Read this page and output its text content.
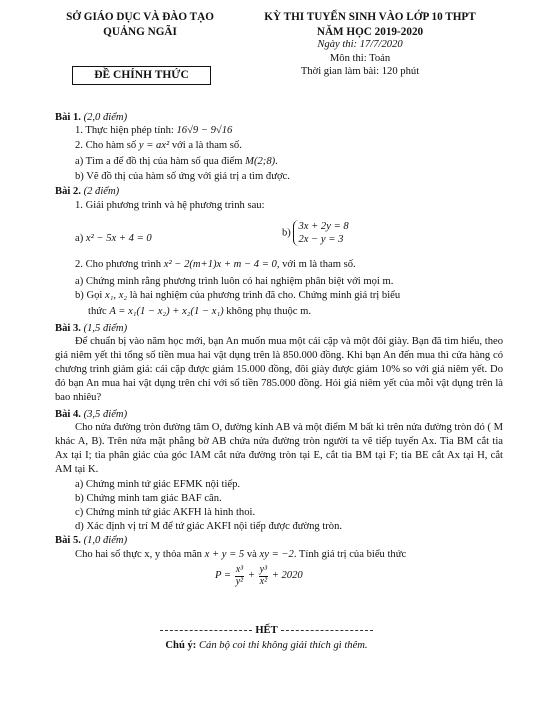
SỞ GIÁO DỤC VÀ ĐÀO TẠO
QUẢNG NGÃI
KỲ THI TUYỂN SINH VÀO LỚP 10 THPT
NĂM HỌC 2019-2020
Ngày thi: 17/7/2020
Môn thi: Toán
Thời gian làm bài: 120 phút
ĐỀ CHÍNH THỨC
Bài 1. (2,0 điểm)
1. Thực hiện phép tính: 16√9 − 9√16
2. Cho hàm số y = ax² với a là tham số.
a) Tìm a để đồ thị của hàm số qua điểm M(2;8).
b) Vẽ đồ thị của hàm số ứng với giá trị a tìm được.
Bài 2. (2 điểm)
1. Giải phương trình và hệ phương trình sau:
a) x² − 5x + 4 = 0
b)
3x + 2y = 8
2x − y = 3
2. Cho phương trình x² − 2(m+1)x + m − 4 = 0, với m là tham số.
a) Chứng minh rằng phương trình luôn có hai nghiệm phân biệt với mọi m.
b) Gọi x₁, x₂ là hai nghiệm của phương trình đã cho. Chứng minh giá trị biểu
thức A = x₁(1 − x₂) + x₂(1 − x₁) không phụ thuộc m.
Bài 3. (1,5 điểm)
Để chuẩn bị vào năm học mới, bạn An muốn mua một cái cặp và một đôi giày. Bạn đã tìm hiểu, theo giá niêm yết thì tổng số tiền mua hai vật dụng trên là 850.000 đồng. Khi bạn An đến mua thì cửa hàng có chương trình giảm giá: cái cặp được giảm 15.000 đồng, đôi giày được giảm 10% so với giá niêm yết. Do đó bạn An mua hai vật dụng trên chỉ với số tiền 785.000 đồng. Hỏi giá niêm yết của mỗi vật dụng trên là bao nhiêu?
Bài 4. (3,5 điểm)
Cho nửa đường tròn đường tâm O, đường kính AB và một điểm M bất kì trên nửa đường tròn đó ( M khác A, B). Trên nửa mặt phẳng bờ AB chứa nửa đường tròn người ta vẽ tiếp tuyến Ax. Tia BM cắt tia Ax tại I; tia phân giác của góc IAM cắt nửa đường tròn tại E, cắt tia BM tại F; tia BE cắt Ax tại H, cắt AM tại K.
a) Chứng minh tứ giác EFMK nội tiếp.
b) Chứng minh tam giác BAF cân.
c) Chứng minh tứ giác AKFH là hình thoi.
d) Xác định vị trí M để tứ giác AKFI nội tiếp được đường tròn.
Bài 5. (1,0 điểm)
Cho hai số thực x, y thỏa mãn x + y = 5 và xy = −2. Tính giá trị của biểu thức
$P = \frac{\text{x³}}{\text{y²}} + \frac{\text{y³}}{\text{x²}} + 2020$
HẾT
Chú ý: Cán bộ coi thi không giải thích gì thêm.
